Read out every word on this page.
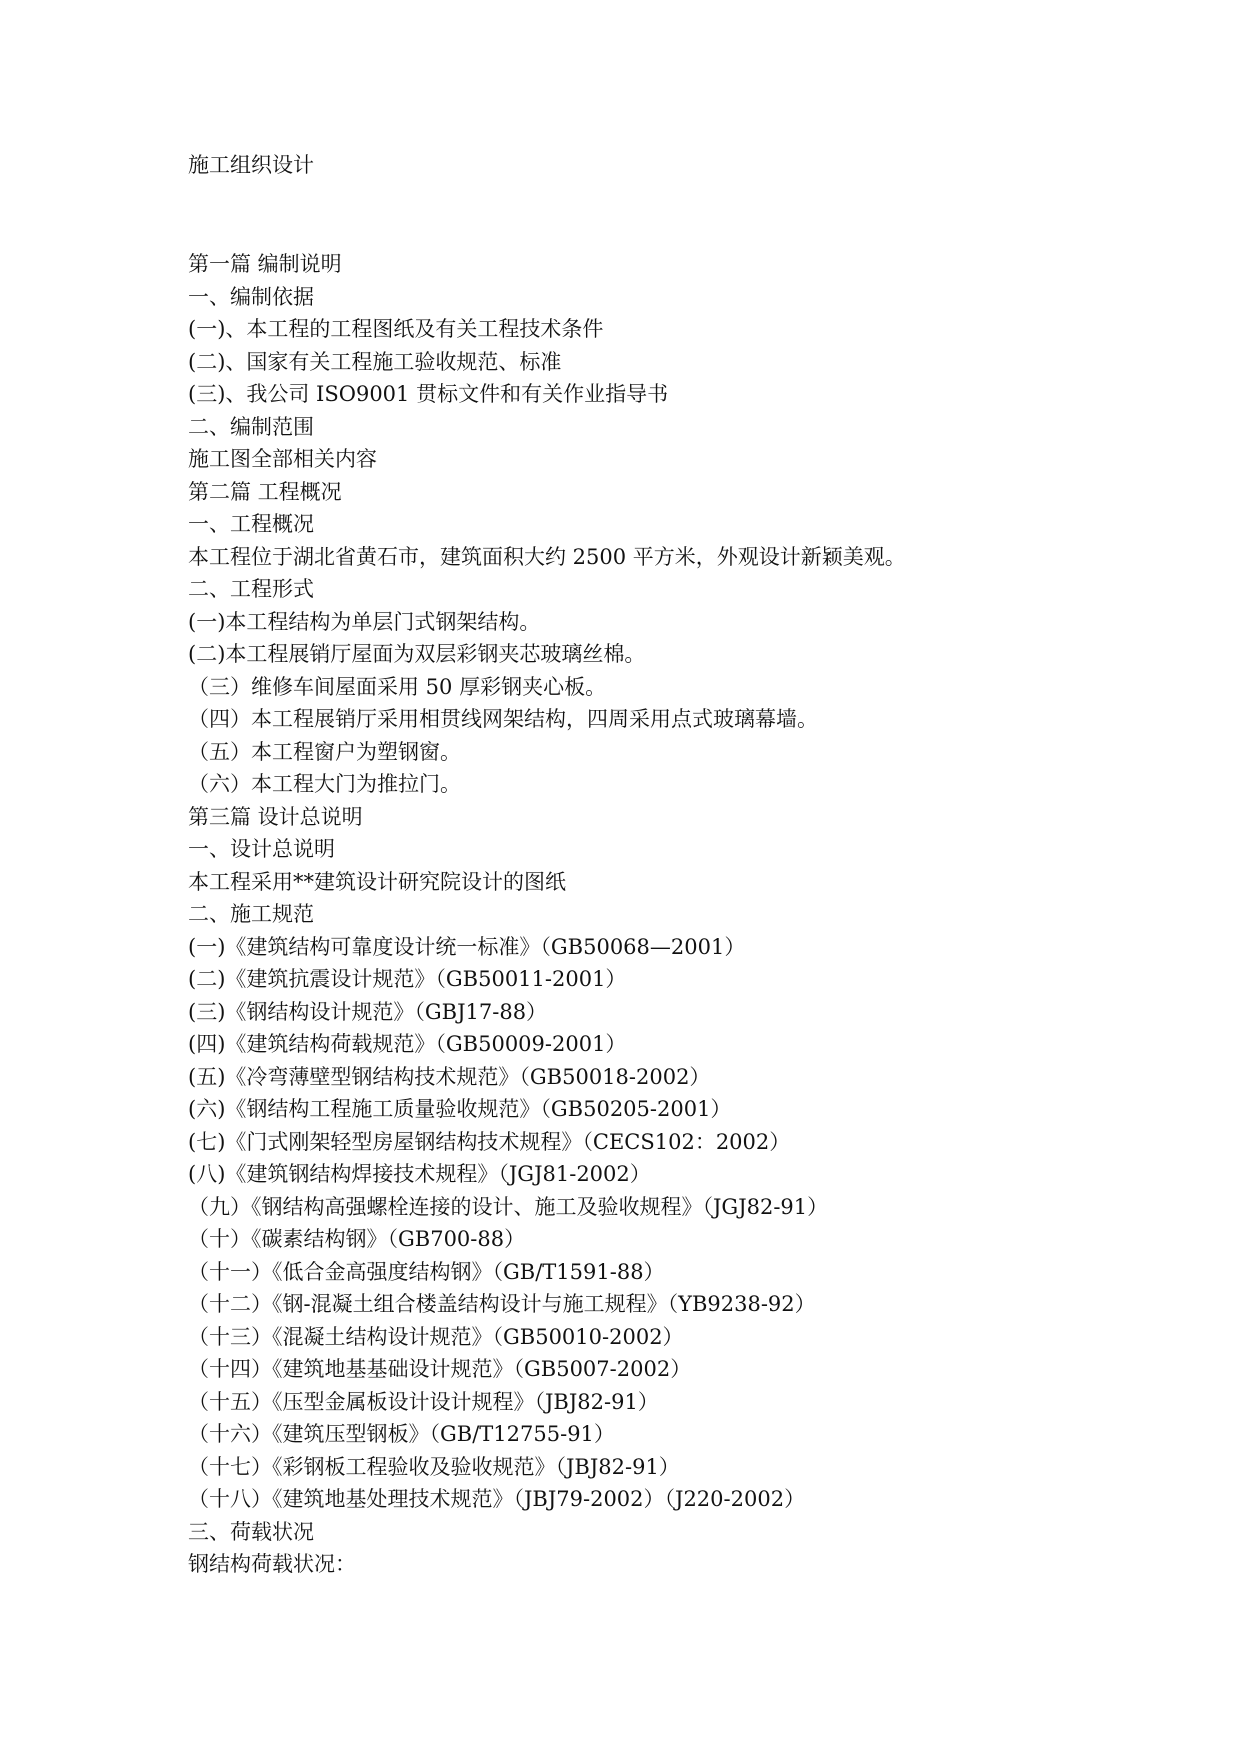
施工组织设计
第一篇 编制说明
一、编制依据
(一)、本工程的工程图纸及有关工程技术条件
(二)、国家有关工程施工验收规范、标准
(三)、我公司 ISO9001 贯标文件和有关作业指导书
二、编制范围
施工图全部相关内容
第二篇 工程概况
一、工程概况
本工程位于湖北省黄石市，建筑面积大约 2500 平方米，外观设计新颖美观。
二、工程形式
(一)本工程结构为单层门式钢架结构。
(二)本工程展销厅屋面为双层彩钢夹芯玻璃丝棉。
（三）维修车间屋面采用 50 厚彩钢夹心板。
（四）本工程展销厅采用相贯线网架结构，四周采用点式玻璃幕墙。
（五）本工程窗户为塑钢窗。
（六）本工程大门为推拉门。
第三篇 设计总说明
一、设计总说明
本工程采用**建筑设计研究院设计的图纸
二、施工规范
(一)《建筑结构可靠度设计统一标准》（GB50068—2001）
(二)《建筑抗震设计规范》（GB50011-2001）
(三)《钢结构设计规范》（GBJ17-88）
(四)《建筑结构荷载规范》（GB50009-2001）
(五)《冷弯薄壁型钢结构技术规范》（GB50018-2002）
(六)《钢结构工程施工质量验收规范》（GB50205-2001）
(七)《门式刚架轻型房屋钢结构技术规程》（CECS102：2002）
(八)《建筑钢结构焊接技术规程》（JGJ81-2002）
（九）《钢结构高强螺栓连接的设计、施工及验收规程》（JGJ82-91）
（十）《碳素结构钢》（GB700-88）
（十一）《低合金高强度结构钢》（GB/T1591-88）
（十二）《钢-混凝土组合楼盖结构设计与施工规程》（YB9238-92）
（十三）《混凝土结构设计规范》（GB50010-2002）
（十四）《建筑地基基础设计规范》（GB5007-2002）
（十五）《压型金属板设计设计规程》（JBJ82-91）
（十六）《建筑压型钢板》（GB/T12755-91）
（十七）《彩钢板工程验收及验收规范》（JBJ82-91）
（十八）《建筑地基处理技术规范》（JBJ79-2002）（J220-2002）
三、荷载状况
钢结构荷载状况：
